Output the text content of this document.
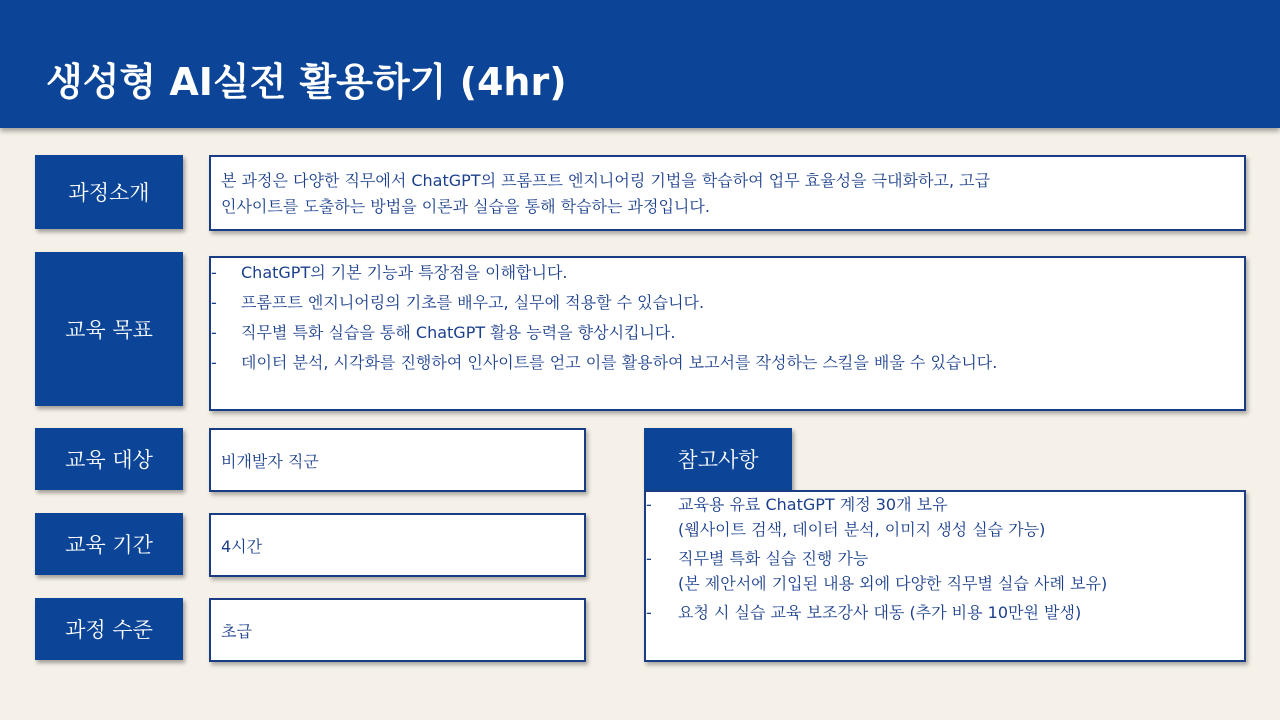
생성형 AI실전 활용하기 (4hr)
과정소개
본 과정은 다양한 직무에서 ChatGPT의 프롬프트 엔지니어링 기법을 학습하여 업무 효율성을 극대화하고, 고급
인사이트를 도출하는 방법을 이론과 실습을 통해 학습하는 과정입니다.
교육 목표
- ChatGPT의 기본 기능과 특장점을 이해합니다.
- 프롬프트 엔지니어링의 기초를 배우고, 실무에 적용할 수 있습니다.
- 직무별 특화 실습을 통해 ChatGPT 활용 능력을 향상시킵니다.
- 데이터 분석, 시각화를 진행하여 인사이트를 얻고 이를 활용하여 보고서를 작성하는 스킬을 배울 수 있습니다.
교육 대상	비개발자 직군
교육 기간	4시간
과정 수준	초급
참고사항
- 교육용 유료 ChatGPT 계정 30개 보유
(웹사이트 검색, 데이터 분석, 이미지 생성 실습 가능)
- 직무별 특화 실습 진행 가능
(본 제안서에 기입된 내용 외에 다양한 직무별 실습 사례 보유)
- 요청 시 실습 교육 보조강사 대동 (추가 비용 10만원 발생)
